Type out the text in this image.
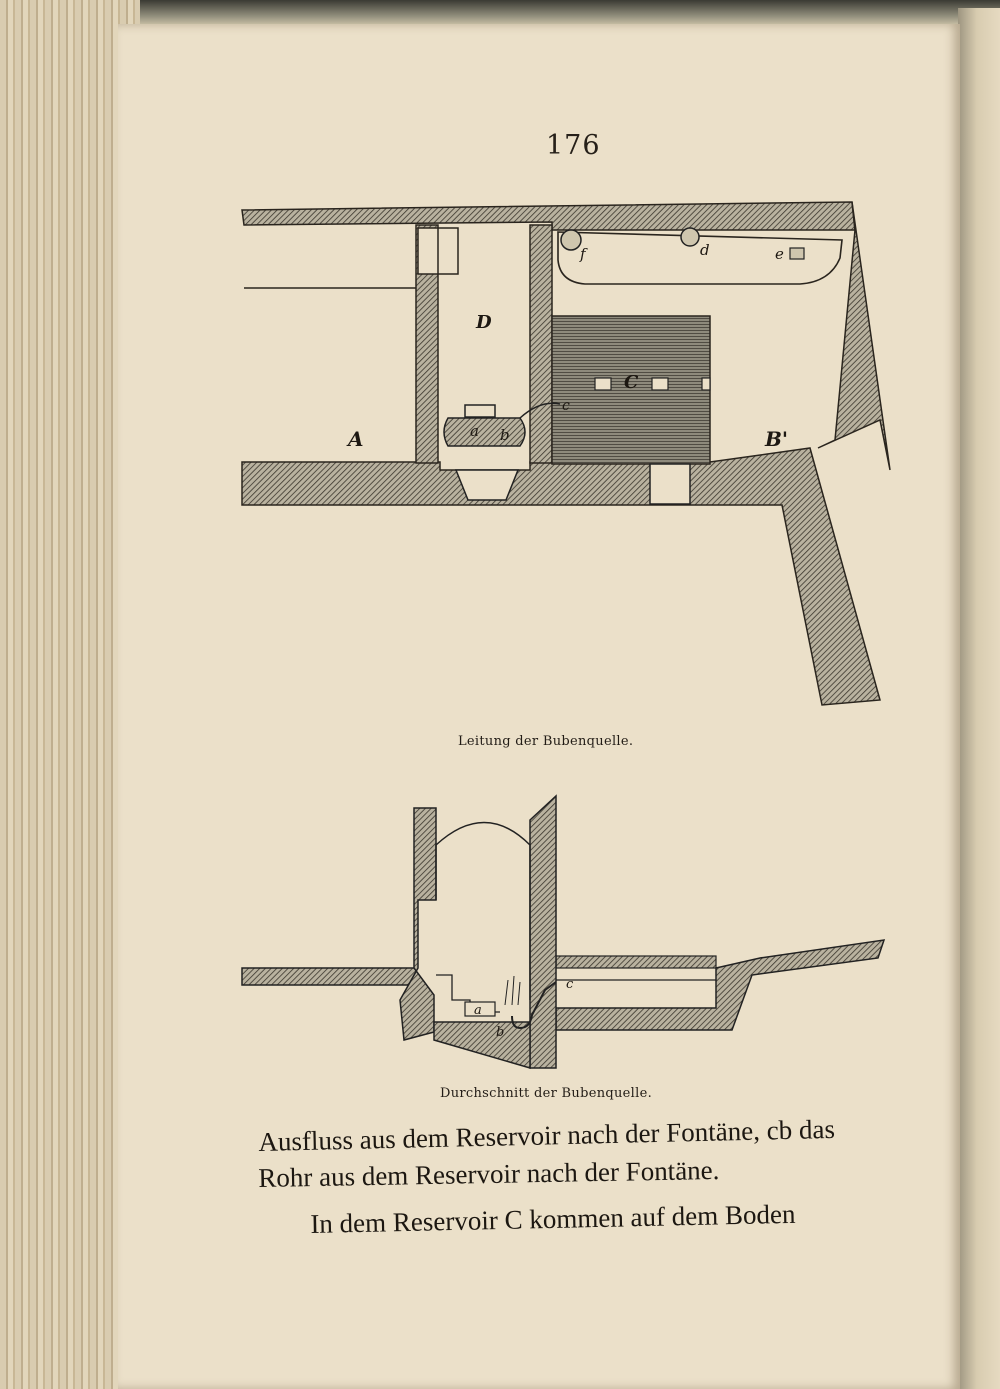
176
A
D
C
B'
a b
c
d	e
f
Leitung der Bubenquelle.
a
b
c
Durchschnitt der Bubenquelle.
Ausfluss aus dem Reservoir nach der Fontäne, cb das
Rohr aus dem Reservoir nach der Fontäne.
In dem Reservoir C kommen auf dem Boden
